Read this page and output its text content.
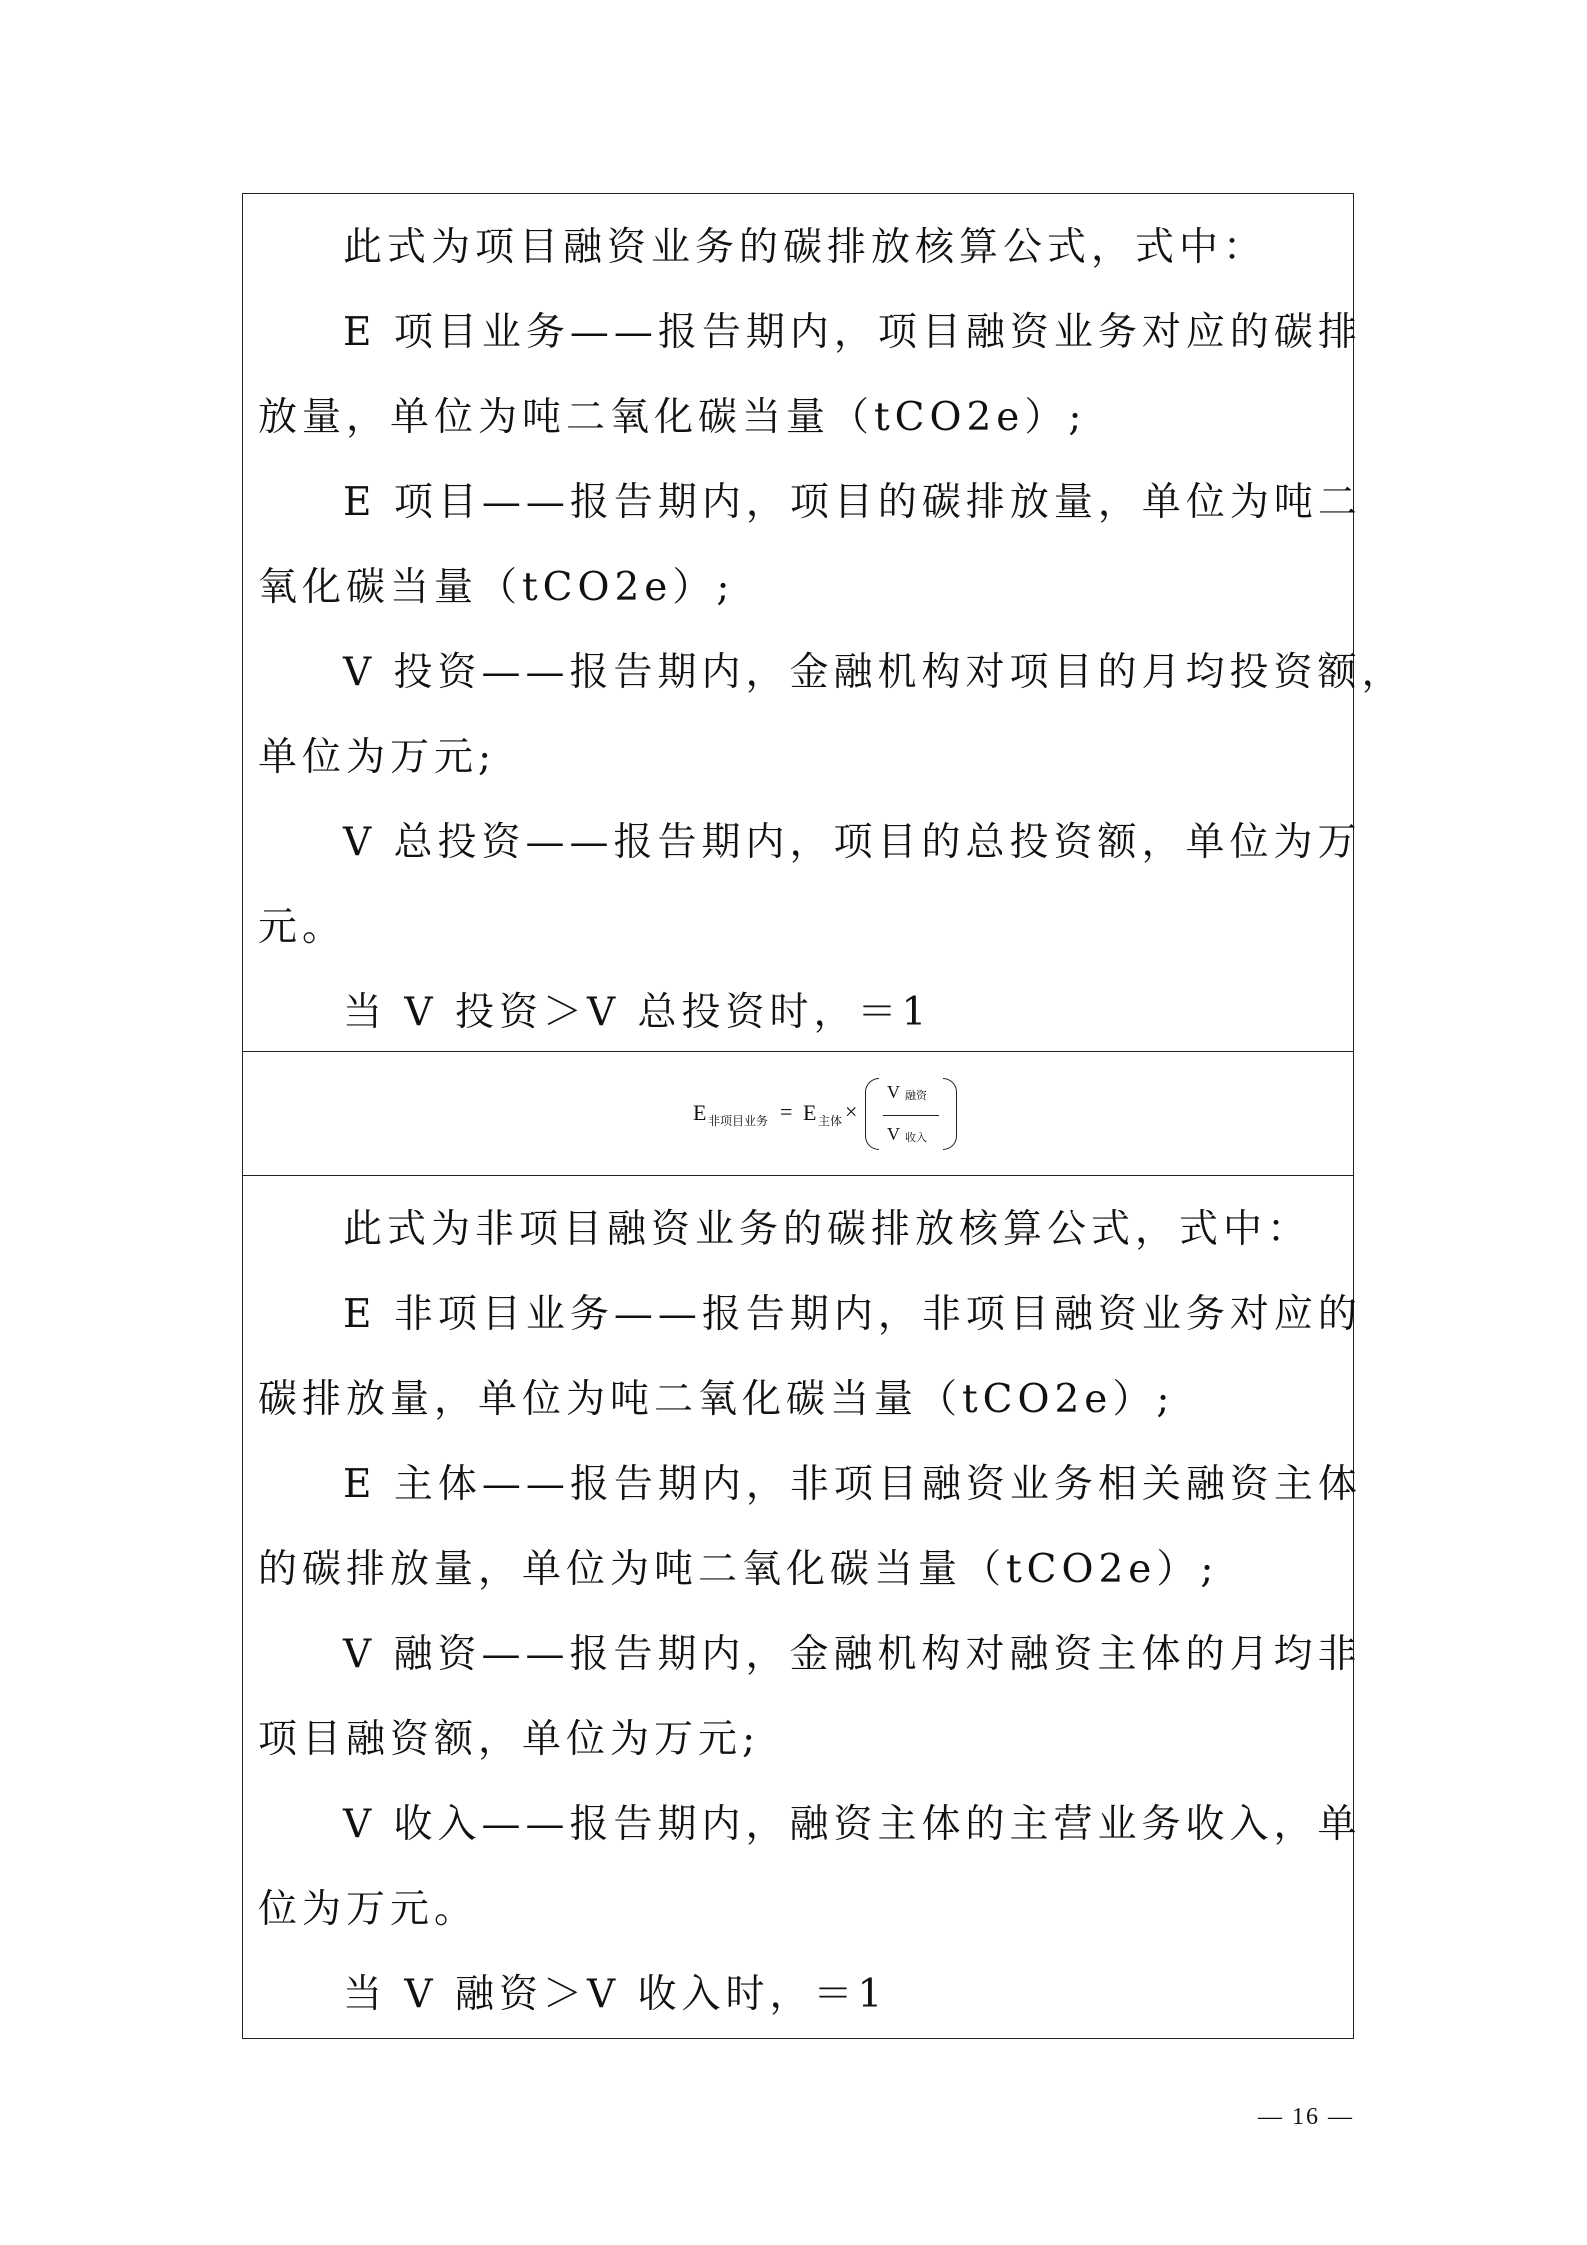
此式为项目融资业务的碳排放核算公式，式中：
E 项目业务——报告期内，项目融资业务对应的碳排
放量，单位为吨二氧化碳当量（tCO2e）;
E 项目——报告期内，项目的碳排放量，单位为吨二
氧化碳当量（tCO2e）;
V 投资——报告期内，金融机构对项目的月均投资额，
单位为万元;
V 总投资——报告期内，项目的总投资额，单位为万
元。
当 V 投资＞V 总投资时，＝1
E 非项目业务 = E 主体 ×
V 融资
V 收入
此式为非项目融资业务的碳排放核算公式，式中：
E 非项目业务——报告期内，非项目融资业务对应的
碳排放量，单位为吨二氧化碳当量（tCO2e）;
E 主体——报告期内，非项目融资业务相关融资主体
的碳排放量，单位为吨二氧化碳当量（tCO2e）;
V 融资——报告期内，金融机构对融资主体的月均非
项目融资额，单位为万元;
V 收入——报告期内，融资主体的主营业务收入，单
位为万元。
当 V 融资＞V 收入时，＝1
— 16 —
